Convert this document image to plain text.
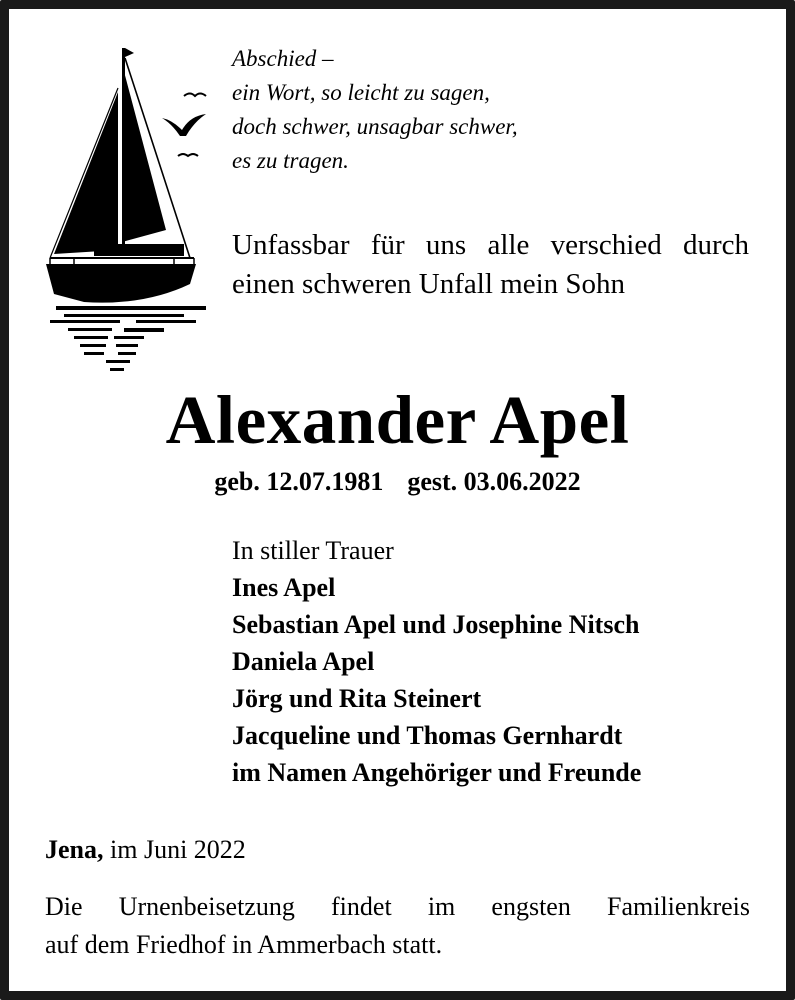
Abschied –
ein Wort, so leicht zu sagen,
doch schwer, unsagbar schwer,
es zu tragen.
Unfassbar für uns alle verschied durch
einen schweren Unfall mein Sohn
Alexander Apel
geb. 12.07.1981 gest. 03.06.2022
In stiller Trauer
Ines Apel
Sebastian Apel und Josephine Nitsch
Daniela Apel
Jörg und Rita Steinert
Jacqueline und Thomas Gernhardt
im Namen Angehöriger und Freunde
Jena, im Juni 2022
Die Urnenbeisetzung findet im engsten Familienkreis
auf dem Friedhof in Ammerbach statt.
